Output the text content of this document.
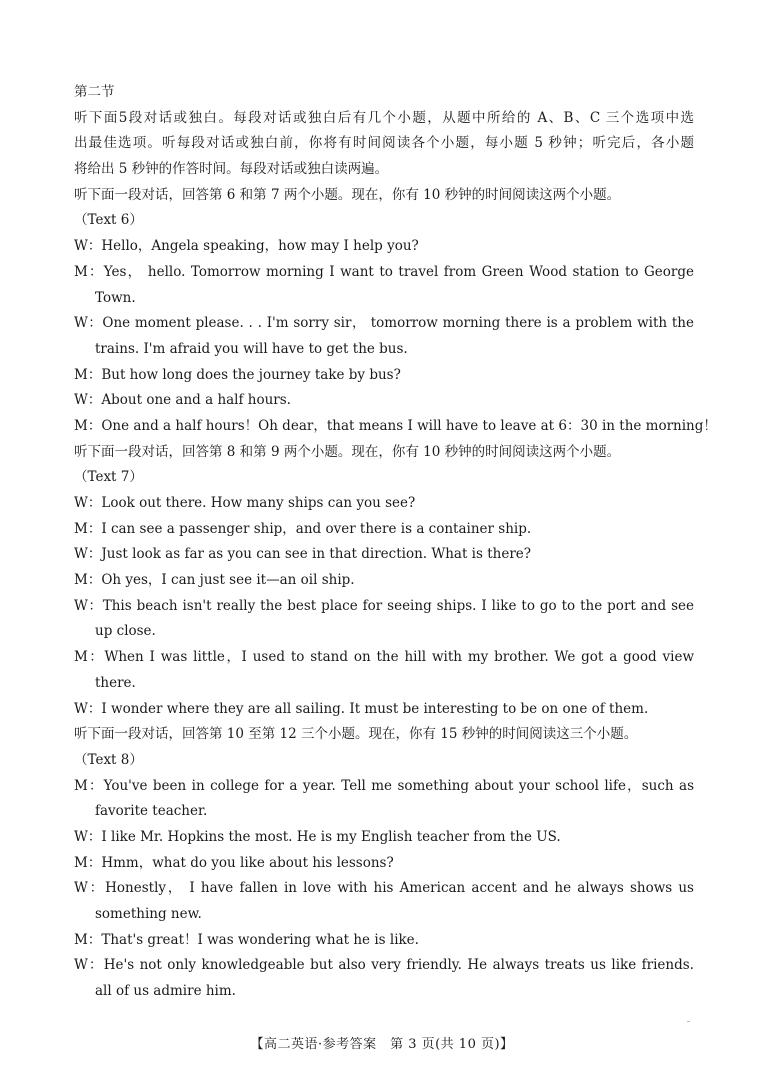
第二节
听下面5段对话或独白。每段对话或独白后有几个小题，从题中所给的 A、B、C 三个选项中选
出最佳选项。听每段对话或独白前，你将有时间阅读各个小题，每小题 5 秒钟；听完后，各小题
将给出 5 秒钟的作答时间。每段对话或独白读两遍。
听下面一段对话，回答第 6 和第 7 两个小题。现在，你有 10 秒钟的时间阅读这两个小题。
（Text 6）
W：Hello，Angela speaking，how may I help you?
M：Yes， hello. Tomorrow morning I want to travel from Green Wood station to George
Town.
W：One moment please. . . I'm sorry sir， tomorrow morning there is a problem with the
trains. I'm afraid you will have to get the bus.
M：But how long does the journey take by bus?
W：About one and a half hours.
M：One and a half hours！Oh dear，that means I will have to leave at 6：30 in the morning！
听下面一段对话，回答第 8 和第 9 两个小题。现在，你有 10 秒钟的时间阅读这两个小题。
（Text 7）
W：Look out there. How many ships can you see?
M：I can see a passenger ship，and over there is a container ship.
W：Just look as far as you can see in that direction. What is there?
M：Oh yes，I can just see it—an oil ship.
W：This beach isn't really the best place for seeing ships. I like to go to the port and see
up close.
M：When I was little，I used to stand on the hill with my brother. We got a good view
there.
W：I wonder where they are all sailing. It must be interesting to be on one of them.
听下面一段对话，回答第 10 至第 12 三个小题。现在，你有 15 秒钟的时间阅读这三个小题。
（Text 8）
M：You've been in college for a year. Tell me something about your school life，such as
favorite teacher.
W：I like Mr. Hopkins the most. He is my English teacher from the US.
M：Hmm，what do you like about his lessons?
W：Honestly， I have fallen in love with his American accent and he always shows us
something new.
M：That's great！I was wondering what he is like.
W：He's not only knowledgeable but also very friendly. He always treats us like friends.
all of us admire him.
【高二英语·参考答案　第 3 页(共 10 页)】
